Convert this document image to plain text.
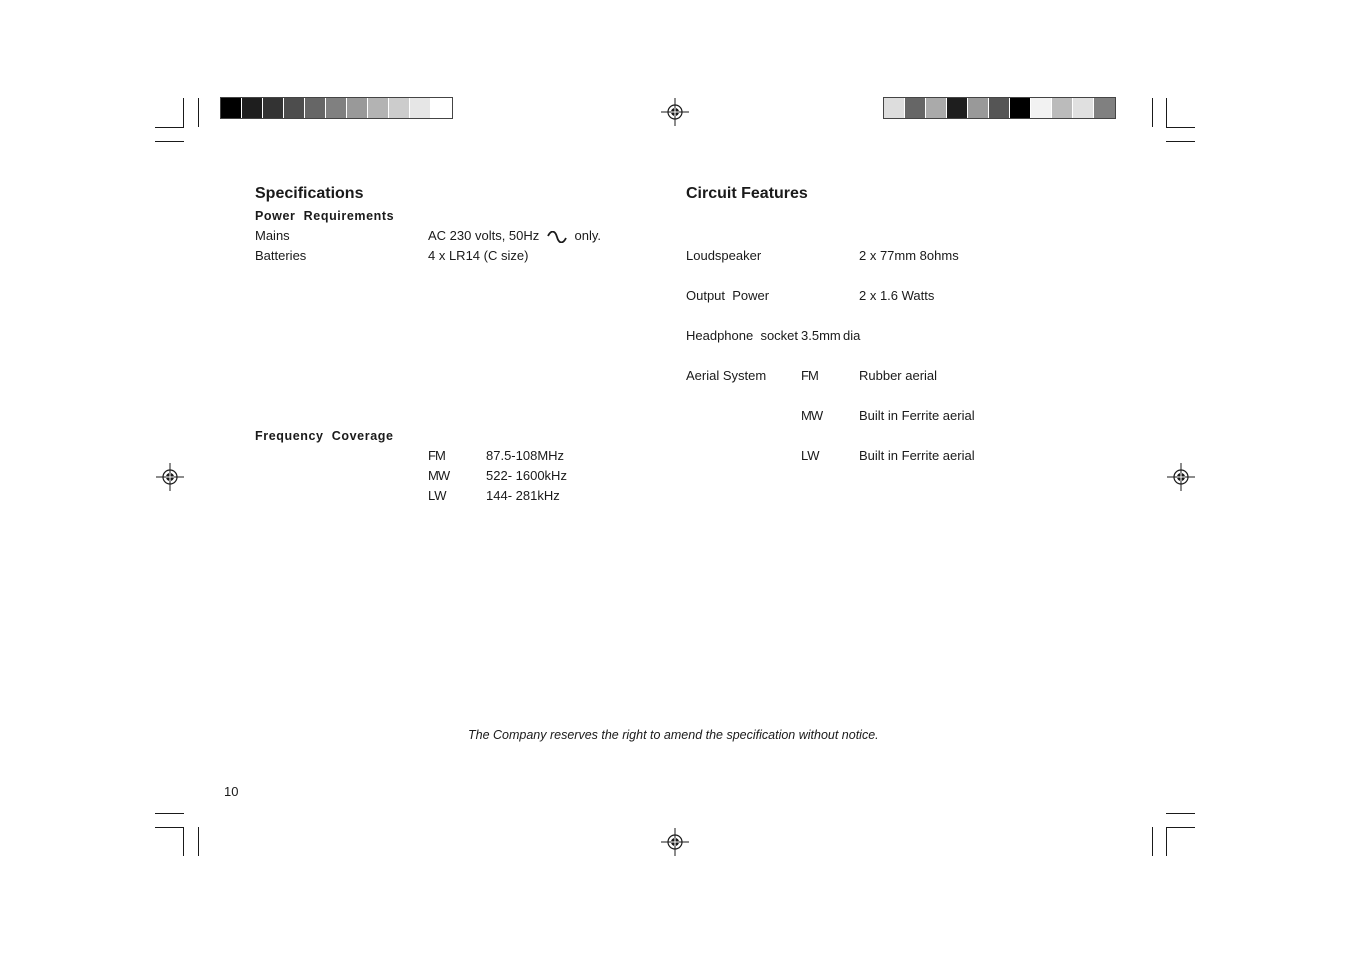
Specifications
Power  Requirements
Mains	AC 230 volts, 50Hz	only.
Batteries	4 x LR14 (C size)
Frequency  Coverage
FM	87.5-108MHz
MW	522- 1600kHz
LW	144- 281kHz
Circuit Features
Loudspeaker	2 x 77mm 8ohms
Output  Power	2 x 1.6 Watts
Headphone  socket 3.5mm dia
Aerial System	FM	Rubber aerial
MW	Built in Ferrite aerial
LW	Built in Ferrite aerial
The Company reserves the right to amend the specification without notice.
10
